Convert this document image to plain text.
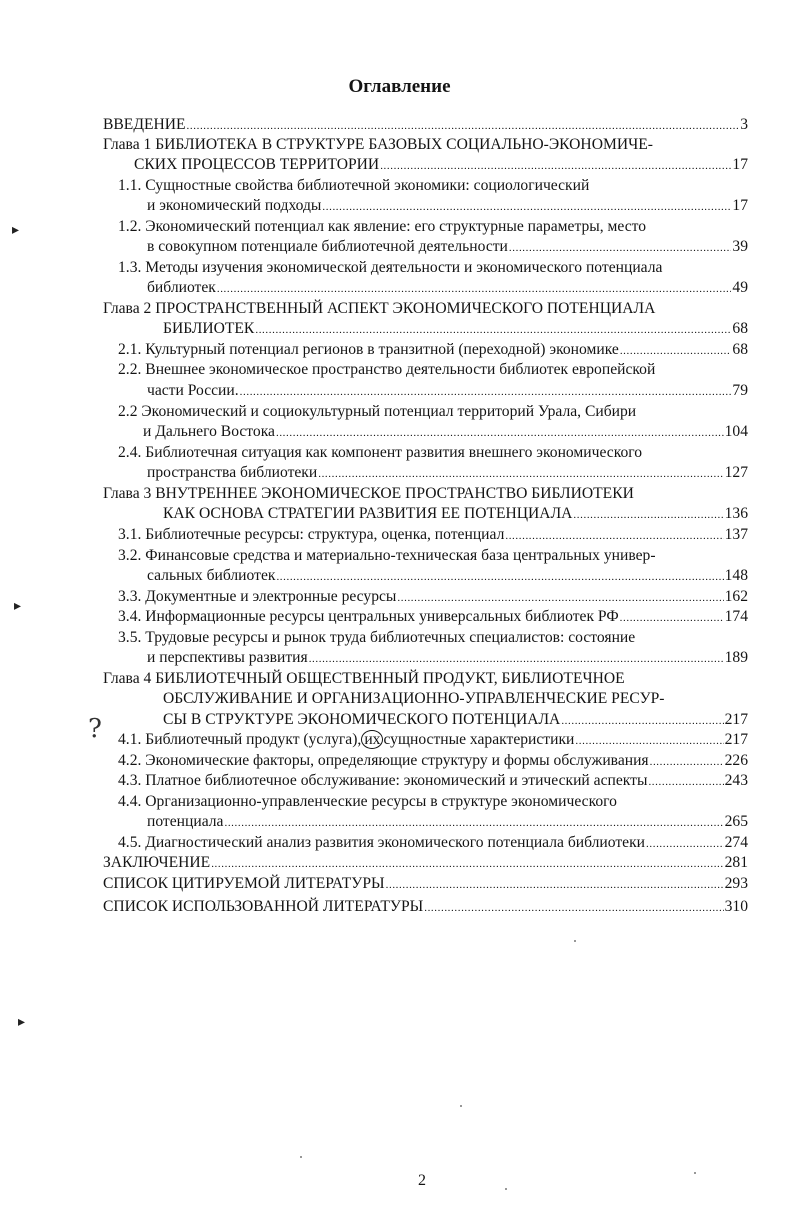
Оглавление
ВВЕДЕНИЕ .....	3
Глава 1 БИБЛИОТЕКА В СТРУКТУРЕ БАЗОВЫХ СОЦИАЛЬНО-ЭКОНОМИЧЕ-
СКИХ ПРОЦЕССОВ ТЕРРИТОРИИ .....	17
1.1. Сущностные свойства библиотечной экономики: социологический
и экономический подходы .....	17
1.2. Экономический потенциал как явление: его структурные параметры, место
в совокупном потенциале библиотечной деятельности .....	39
1.3. Методы изучения экономической деятельности и экономического потенциала
библиотек .....	49
Глава 2 ПРОСТРАНСТВЕННЫЙ АСПЕКТ ЭКОНОМИЧЕСКОГО ПОТЕНЦИАЛА
БИБЛИОТЕК .....	68
2.1. Культурный потенциал регионов в транзитной (переходной) экономике .....	68
2.2. Внешнее экономическое пространство деятельности библиотек европейской
части России. .....	79
2.2 Экономический и социокультурный потенциал территорий Урала, Сибири
и Дальнего Востока .....	104
2.4. Библиотечная ситуация как компонент развития внешнего экономического
пространства библиотеки .....	127
Глава 3 ВНУТРЕННЕЕ ЭКОНОМИЧЕСКОЕ ПРОСТРАНСТВО БИБЛИОТЕКИ
КАК ОСНОВА СТРАТЕГИИ РАЗВИТИЯ ЕЕ ПОТЕНЦИАЛА .....	136
3.1. Библиотечные ресурсы: структура, оценка, потенциал .....	137
3.2. Финансовые средства и материально-техническая база центральных универ-
сальных библиотек .....	148
3.3. Документные и электронные ресурсы .....	162
3.4. Информационные ресурсы центральных универсальных библиотек РФ .....	174
3.5. Трудовые ресурсы и рынок труда библиотечных специалистов: состояние
и перспективы развития .....	189
Глава 4 БИБЛИОТЕЧНЫЙ ОБЩЕСТВЕННЫЙ ПРОДУКТ, БИБЛИОТЕЧНОЕ
ОБСЛУЖИВАНИЕ И ОРГАНИЗАЦИОННО-УПРАВЛЕНЧЕСКИЕ РЕСУР-
СЫ В СТРУКТУРЕ ЭКОНОМИЧЕСКОГО ПОТЕНЦИАЛА .....	217
4.1. Библиотечный продукт (услуга), их сущностные характеристики .....	217
4.2. Экономические факторы, определяющие структуру и формы обслуживания .....	226
4.3. Платное библиотечное обслуживание: экономический и этический аспекты .....	243
4.4. Организационно-управленческие ресурсы в структуре экономического
потенциала .....	265
4.5. Диагностический анализ развития экономического потенциала библиотеки .....	274
ЗАКЛЮЧЕНИЕ .....	281
СПИСОК ЦИТИРУЕМОЙ ЛИТЕРАТУРЫ .....	293
СПИСОК ИСПОЛЬЗОВАННОЙ ЛИТЕРАТУРЫ .....	310
?
▸
▸
▸
2
